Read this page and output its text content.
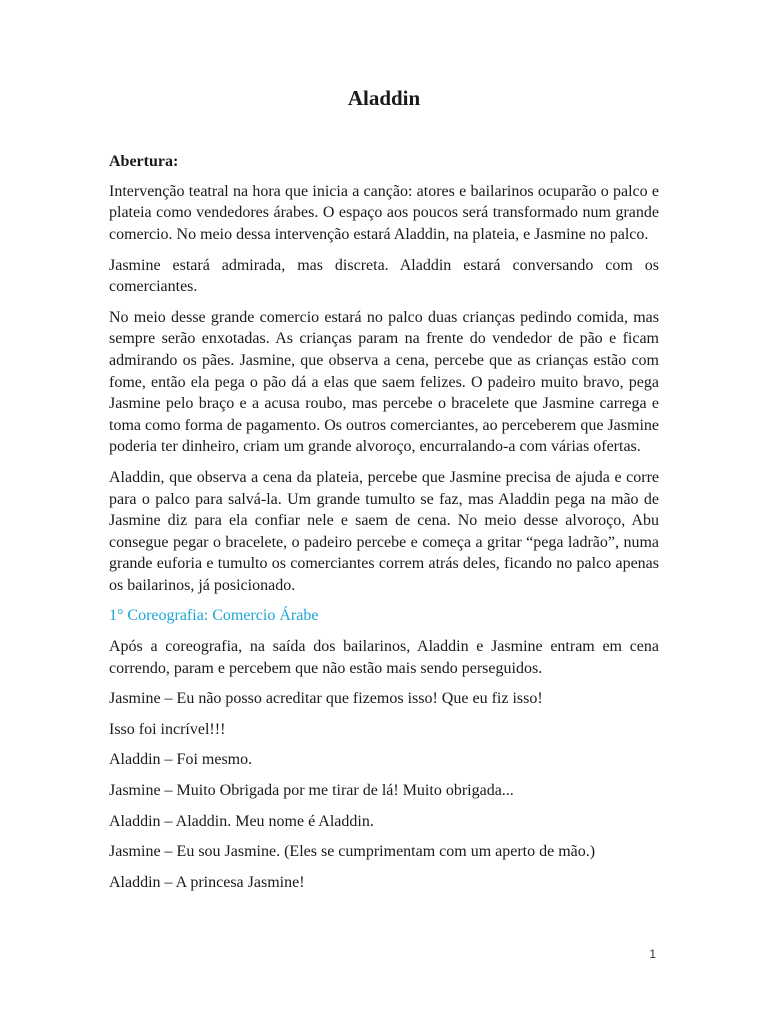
Aladdin
Abertura:

Intervenção teatral na hora que inicia a canção: atores e bailarinos ocuparão o palco e plateia como vendedores árabes. O espaço aos poucos será transformado num grande comercio. No meio dessa intervenção estará Aladdin, na plateia, e Jasmine no palco.

Jasmine estará admirada, mas discreta. Aladdin estará conversando com os comerciantes.

No meio desse grande comercio estará no palco duas crianças pedindo comida, mas sempre serão enxotadas. As crianças param na frente do vendedor de pão e ficam admirando os pães. Jasmine, que observa a cena, percebe que as crianças estão com fome, então ela pega o pão dá a elas que saem felizes. O padeiro muito bravo, pega Jasmine pelo braço e a acusa roubo, mas percebe o bracelete que Jasmine carrega e toma como forma de pagamento. Os outros comerciantes, ao perceberem que Jasmine poderia ter dinheiro, criam um grande alvoroço, encurralando-a com várias ofertas.

Aladdin, que observa a cena da plateia, percebe que Jasmine precisa de ajuda e corre para o palco para salvá-la. Um grande tumulto se faz, mas Aladdin pega na mão de Jasmine diz para ela confiar nele e saem de cena. No meio desse alvoroço, Abu consegue pegar o bracelete, o padeiro percebe e começa a gritar “pega ladrão”, numa grande euforia e tumulto os comerciantes correm atrás deles, ficando no palco apenas os bailarinos, já posicionado.

1° Coreografia: Comercio Árabe

Após a coreografia, na saída dos bailarinos, Aladdin e Jasmine entram em cena correndo, param e percebem que não estão mais sendo perseguidos.

Jasmine – Eu não posso acreditar que fizemos isso! Que eu fiz isso!
Isso foi incrível!!!
Aladdin – Foi mesmo.
Jasmine – Muito Obrigada por me tirar de lá! Muito obrigada...
Aladdin – Aladdin. Meu nome é Aladdin.
Jasmine – Eu sou Jasmine. (Eles se cumprimentam com um aperto de mão.)
Aladdin – A princesa Jasmine!
1
